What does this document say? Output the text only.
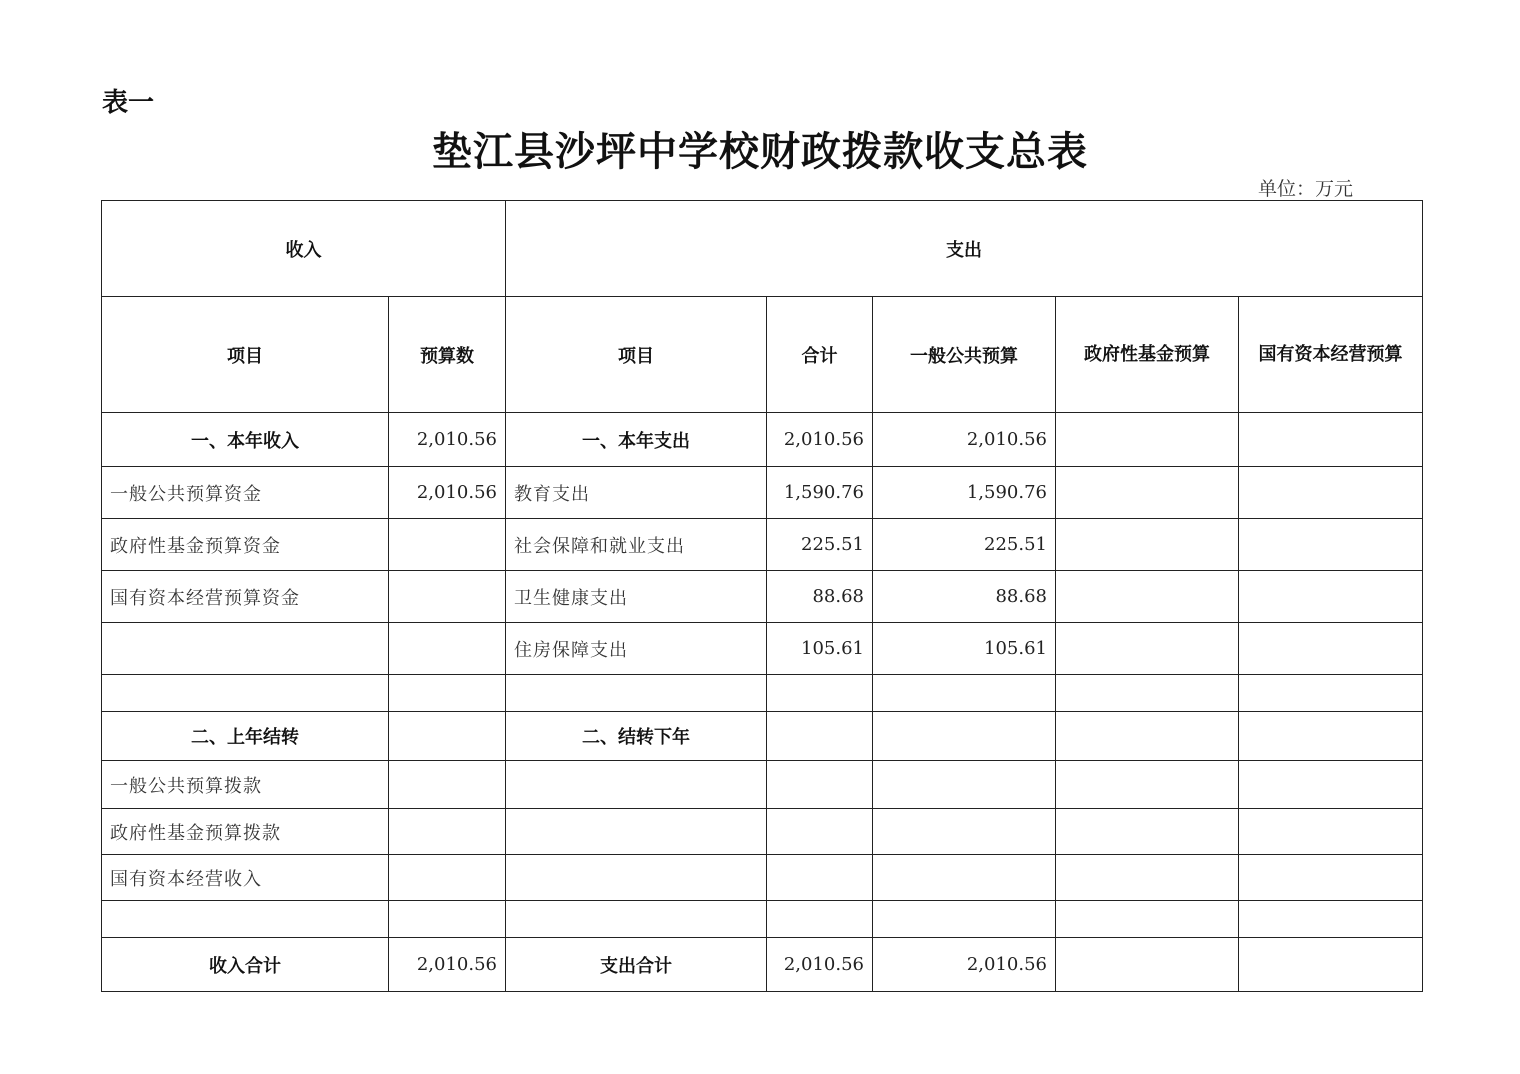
表一
垫江县沙坪中学校财政拨款收支总表
单位：万元
收入		支出				
项目	预算数	项目	合计	一般公共预算	政府性基金预算	国有资本经营预算
一、本年收入	2,010.56	一、本年支出	2,010.56	2,010.56		
一般公共预算资金	2,010.56	教育支出	1,590.76	1,590.76		
政府性基金预算资金		社会保障和就业支出	225.51	225.51		
国有资本经营预算资金		卫生健康支出	88.68	88.68		
		住房保障支出	105.61	105.61		

二、上年结转		二、结转下年				
一般公共预算拨款						
政府性基金预算拨款						
国有资本经营收入						

收入合计	2,010.56	支出合计	2,010.56	2,010.56		
